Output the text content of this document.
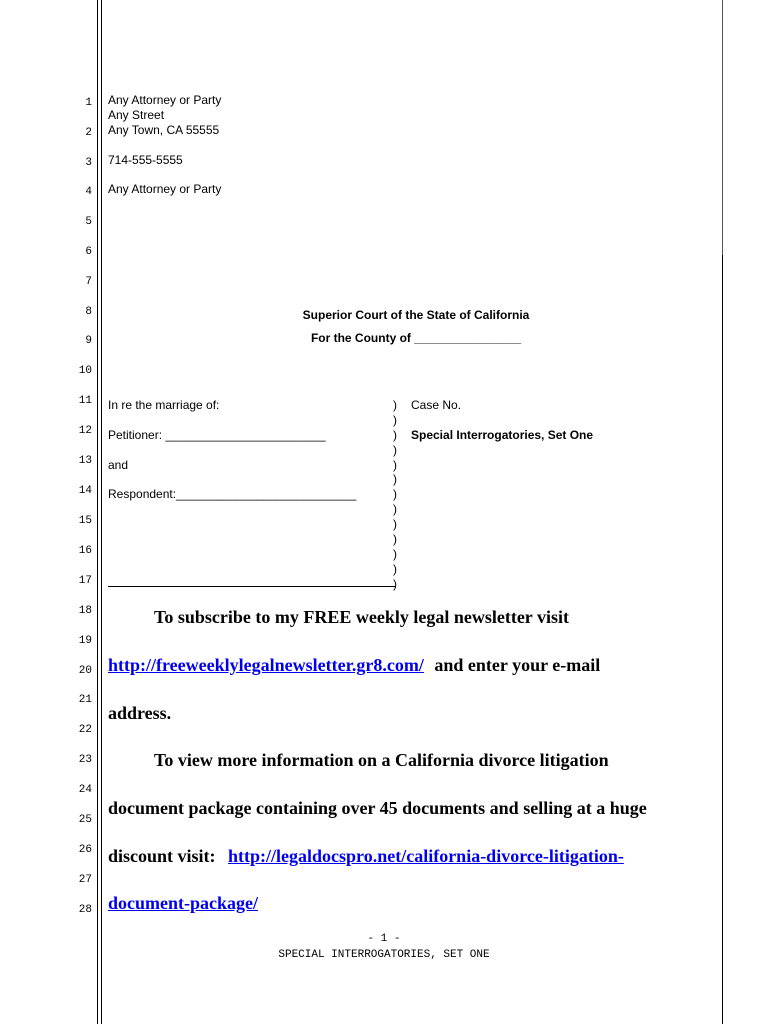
1
2
3
4
5
6
7
8
9
10
11
12
13
14
15
16
17
18
19
20
21
22
23
24
25
26
27
28
Any Attorney or Party
Any Street
Any Town, CA 55555
714-555-5555
Any Attorney or Party
Superior Court of the State of California
For the County of ________________
In re the marriage of:
Petitioner: ________________________
and
Respondent:___________________________
)
)
)
)
)
)
)
)
)
)
)
)
)
Case No.
Special Interrogatories, Set One
To subscribe to my FREE weekly legal newsletter visit
http://freeweeklylegalnewsletter.gr8.com/ and enter your e-mail
address.
To view more information on a California divorce litigation
document package containing over 45 documents and selling at a huge
discount visit: http://legaldocspro.net/california-divorce-litigation-
document-package/
- 1 -
SPECIAL INTERROGATORIES, SET ONE
